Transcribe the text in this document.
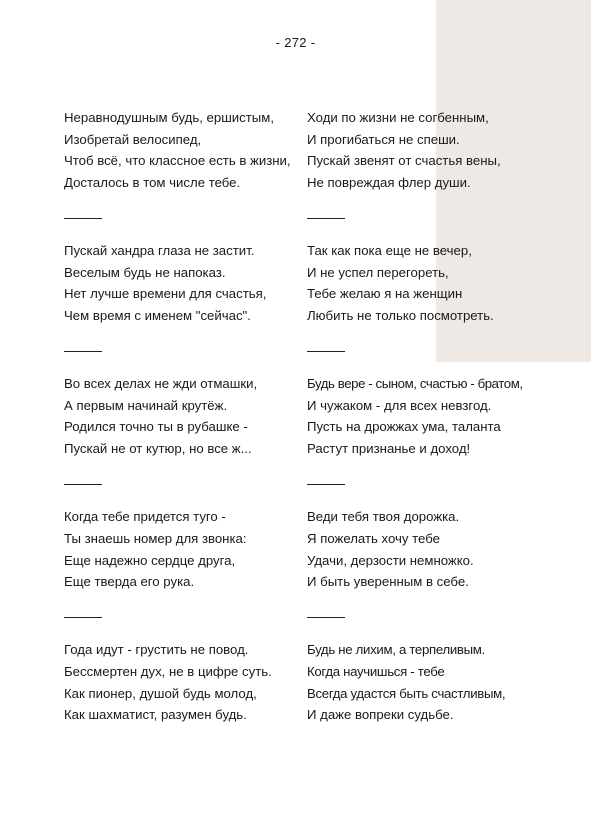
- 272 -
Неравнодушным будь, ершистым,
Изобретай велосипед,
Чтоб всё, что классное есть в жизни,
Досталось в том числе тебе.
Пускай хандра глаза не застит.
Веселым будь не напоказ.
Нет лучше времени для счастья,
Чем время с именем "сейчас".
Во всех делах не жди отмашки,
А первым начинай крутёж.
Родился точно ты в рубашке -
Пускай не от кутюр, но все ж...
Когда тебе придется туго -
Ты знаешь номер для звонка:
Еще надежно сердце друга,
Еще тверда его рука.
Года идут - грустить не повод.
Бессмертен дух, не в цифре суть.
Как пионер, душой будь молод,
Как шахматист, разумен будь.
Ходи по жизни не согбенным,
И прогибаться не спеши.
Пускай звенят от счастья вены,
Не повреждая флер души.
Так как пока еще не вечер,
И не успел перегореть,
Тебе желаю я на женщин
Любить не только посмотреть.
Будь вере - сыном, счастью - братом,
И чужаком - для всех невзгод.
Пусть на дрожжах ума, таланта
Растут признанье и доход!
Веди тебя твоя дорожка.
Я пожелать хочу тебе
Удачи, дерзости немножко.
И быть уверенным в себе.
Будь не лихим, а терпеливым.
Когда научишься - тебе
Всегда удастся быть счастливым,
И даже вопреки судьбе.
